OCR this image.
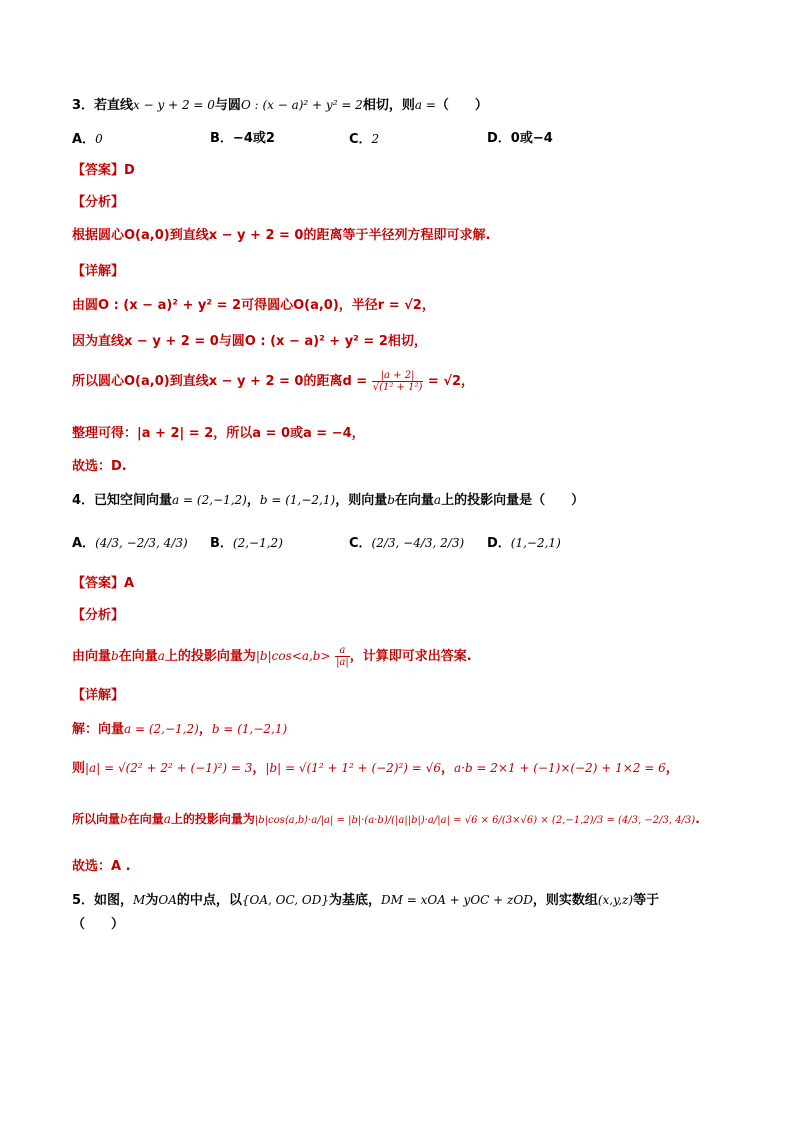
3．若直线x − y + 2 = 0与圆O : (x − a)² + y² = 2相切，则a =（　　）
A．0	B．−4或2	C．2	D．0或−4
【答案】D
【分析】
根据圆心O(a,0)到直线x − y + 2 = 0的距离等于半径列方程即可求解.
【详解】
由圆O : (x − a)² + y² = 2可得圆心O(a,0)，半径r = √2，
因为直线x − y + 2 = 0与圆O : (x − a)² + y² = 2相切，
所以圆心O(a,0)到直线x − y + 2 = 0的距离$d = \frac{|a + 2|}{\text{√(1² + 1²)}} = √2$，
整理可得：|a + 2| = 2，所以a = 0或a = −4，
故选：D.
4．已知空间向量a = (2,−1,2)，b = (1,−2,1)，则向量b在向量a上的投影向量是（　　）
A．(4/3, −2/3, 4/3) B．(2,−1,2)	C．(2/3, −4/3, 2/3) D．(1,−2,1)
【答案】A
【分析】
由向量b在向量a上的投影向量为$|b|\cos<a,b> \frac{a}{|a|}$ ，计算即可求出答案.
【详解】
解：向量a = (2,−1,2)，b = (1,−2,1)
则|a| = √(2² + 2² + (−1)²) = 3，|b| = √(1² + 1² + (−2)²) = √6，a·b = 2×1 + (−1)×(−2) + 1×2 = 6，
所以向量b在向量a上的投影向量为|b|cos⟨a,b⟩·a/|a| = |b|·(a·b)/(|a||b|)·a/|a| = √6 × 6/(3×√6) × (2,−1,2)/3 = (4/3, −2/3, 4/3).
故选：A .
5．如图，M为OA的中点，以{OA, OC, OD}为基底，DM = xOA + yOC + zOD，则实数组(x,y,z)等于
（　　）
